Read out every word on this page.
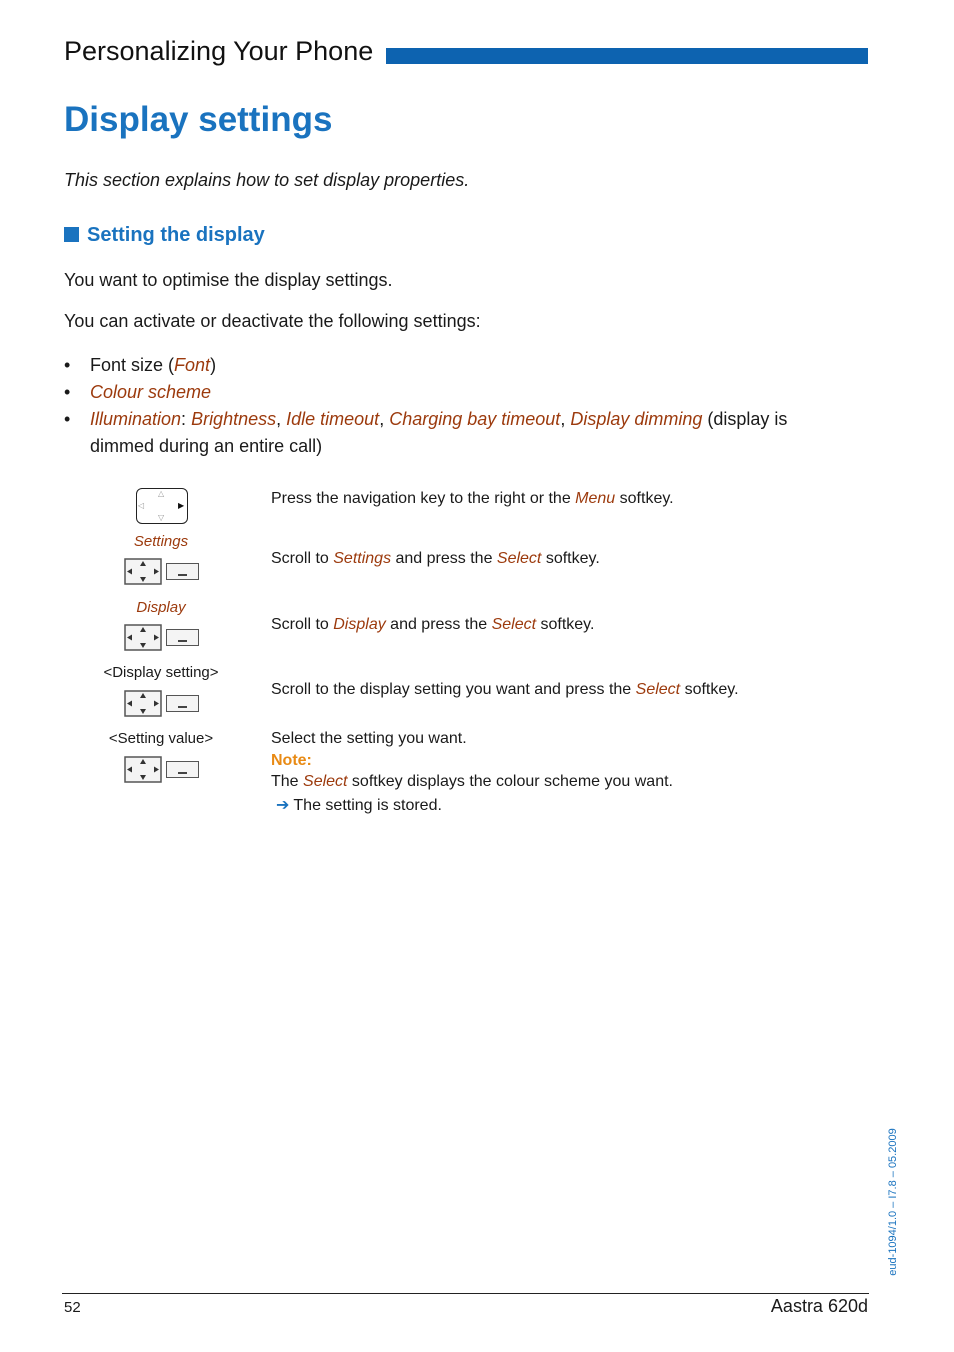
Personalizing Your Phone
Display settings

This section explains how to set display properties.

Setting the display

You want to optimise the display settings.

You can activate or deactivate the following settings:

• Font size (Font)
• Colour scheme
• Illumination: Brightness, Idle timeout, Charging bay timeout, Display dimming (display is
dimmed during an entire call)
△
▽
◁	▶	Press the navigation key to the right or the Menu softkey.
Settings
Scroll to Settings and press the Select softkey.
Display
Scroll to Display and press the Select softkey.
<Display setting>
Scroll to the display setting you want and press the Select softkey.
<Setting value>	Select the setting you want.
Note:
The Select softkey displays the colour scheme you want.
➔ The setting is stored.
eud-1094/1.0 – I7.8 – 05.2009
52	Aastra 620d
